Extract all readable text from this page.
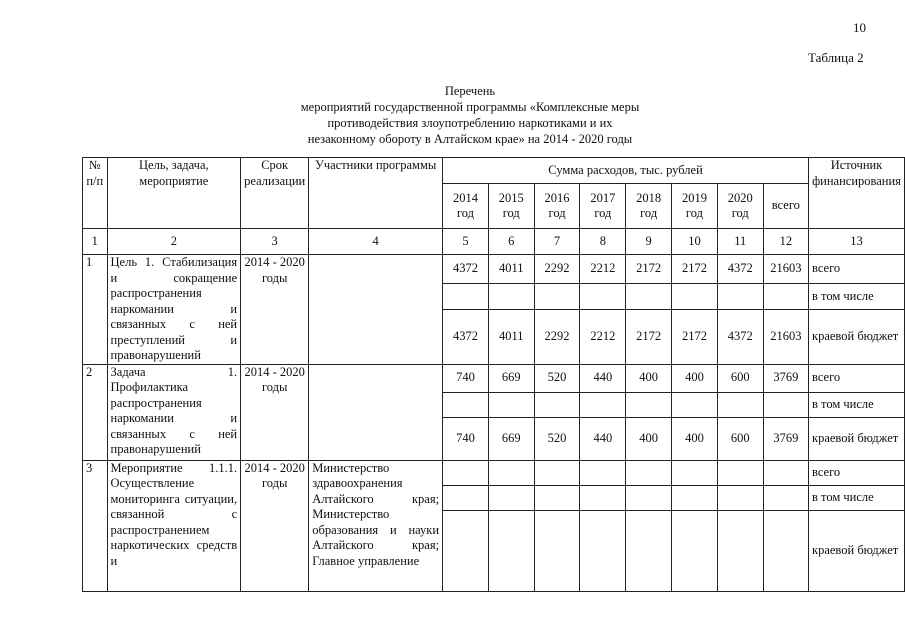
10
Таблица 2
Перечень
мероприятий государственной программы «Комплексные меры
противодействия злоупотреблению наркотиками и их
незаконному обороту в Алтайском крае» на 2014 - 2020 годы
№ п/п	Цель, задача, мероприятие	Срок реализации	Участники программы	Сумма расходов, тыс. рублей								Источник финансирования
				2014 год	2015 год	2016 год	2017 год	2018 год	2019 год	2020 год	всего	
1	2	3	4	5	6	7	8	9	10	11	12	13
1	Цель 1. Стабилизация и сокращение распространения наркомании и связанных с ней преступлений и правонарушений	2014 - 2020 годы		4372	4011	2292	2212	2172	2172	4372	21603	всего
												в том числе
				4372	4011	2292	2212	2172	2172	4372	21603	краевой бюджет
2	Задача 1. Профилактика распространения наркомании и связанных с ней правонарушений	2014 - 2020 годы		740	669	520	440	400	400	600	3769	всего
												в том числе
				740	669	520	440	400	400	600	3769	краевой бюджет
3	Мероприятие 1.1.1. Осуществление мониторинга ситуации, связанной с распространением наркотических средств и	2014 - 2020 годы	Министерство здравоохранения Алтайского края; Министерство образования и науки Алтайского края; Главное управление									всего
												в том числе
												краевой бюджет
